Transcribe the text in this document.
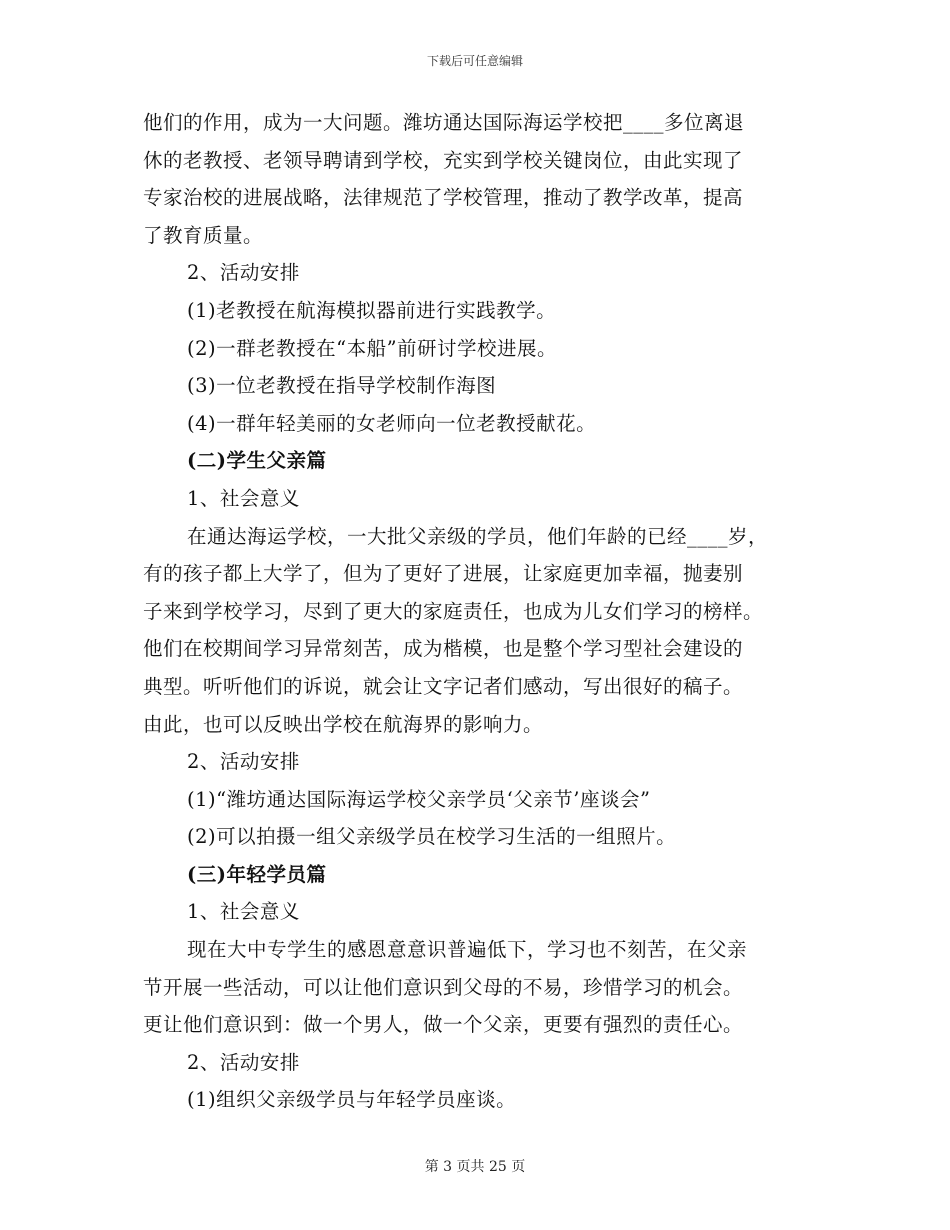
下载后可任意编辑
他们的作用，成为一大问题。潍坊通达国际海运学校把____多位离退
休的老教授、老领导聘请到学校，充实到学校关键岗位，由此实现了
专家治校的进展战略，法律规范了学校管理，推动了教学改革，提高
了教育质量。
2、活动安排
(1)老教授在航海模拟器前进行实践教学。
(2)一群老教授在“本船”前研讨学校进展。
(3)一位老教授在指导学校制作海图
(4)一群年轻美丽的女老师向一位老教授献花。
(二)学生父亲篇
1、社会意义
在通达海运学校，一大批父亲级的学员，他们年龄的已经____岁，
有的孩子都上大学了，但为了更好了进展，让家庭更加幸福，抛妻别
子来到学校学习，尽到了更大的家庭责任，也成为儿女们学习的榜样。
他们在校期间学习异常刻苦，成为楷模，也是整个学习型社会建设的
典型。听听他们的诉说，就会让文字记者们感动，写出很好的稿子。
由此，也可以反映出学校在航海界的影响力。
2、活动安排
(1)“潍坊通达国际海运学校父亲学员‘父亲节’座谈会”
(2)可以拍摄一组父亲级学员在校学习生活的一组照片。
(三)年轻学员篇
1、社会意义
现在大中专学生的感恩意意识普遍低下，学习也不刻苦，在父亲
节开展一些活动，可以让他们意识到父母的不易，珍惜学习的机会。
更让他们意识到：做一个男人，做一个父亲，更要有强烈的责任心。
2、活动安排
(1)组织父亲级学员与年轻学员座谈。
第 3 页共 25 页
